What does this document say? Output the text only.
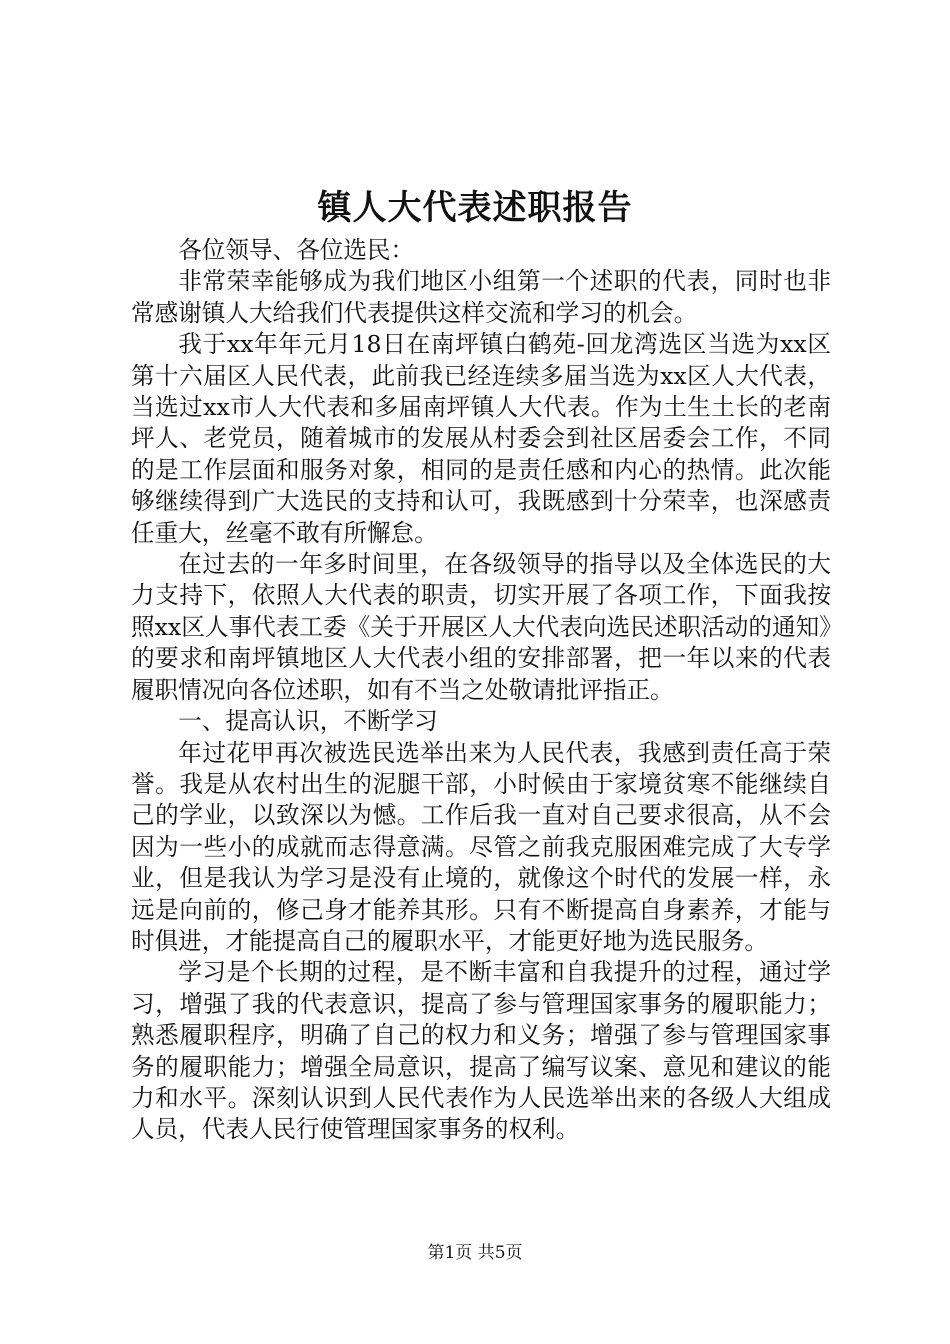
镇人大代表述职报告

各位领导、各位选民：

非常荣幸能够成为我们地区小组第一个述职的代表，同时也非常感谢镇人大给我们代表提供这样交流和学习的机会。

我于xx年年元月18日在南坪镇白鹤苑-回龙湾选区当选为xx区第十六届区人民代表，此前我已经连续多届当选为xx区人大代表，当选过xx市人大代表和多届南坪镇人大代表。作为土生土长的老南坪人、老党员，随着城市的发展从村委会到社区居委会工作，不同的是工作层面和服务对象，相同的是责任感和内心的热情。此次能够继续得到广大选民的支持和认可，我既感到十分荣幸，也深感责任重大，丝毫不敢有所懈怠。

在过去的一年多时间里，在各级领导的指导以及全体选民的大力支持下，依照人大代表的职责，切实开展了各项工作，下面我按照xx区人事代表工委《关于开展区人大代表向选民述职活动的通知》的要求和南坪镇地区人大代表小组的安排部署，把一年以来的代表履职情况向各位述职，如有不当之处敬请批评指正。

一、提高认识，不断学习

年过花甲再次被选民选举出来为人民代表，我感到责任高于荣誉。我是从农村出生的泥腿干部，小时候由于家境贫寒不能继续自己的学业，以致深以为憾。工作后我一直对自己要求很高，从不会因为一些小的成就而志得意满。尽管之前我克服困难完成了大专学业，但是我认为学习是没有止境的，就像这个时代的发展一样，永远是向前的，修己身才能养其形。只有不断提高自身素养，才能与时俱进，才能提高自己的履职水平，才能更好地为选民服务。

学习是个长期的过程，是不断丰富和自我提升的过程，通过学习，增强了我的代表意识，提高了参与管理国家事务的履职能力；熟悉履职程序，明确了自己的权力和义务；增强了参与管理国家事务的履职能力；增强全局意识，提高了编写议案、意见和建议的能力和水平。深刻认识到人民代表作为人民选举出来的各级人大组成人员，代表人民行使管理国家事务的权利。

第1页 共5页
